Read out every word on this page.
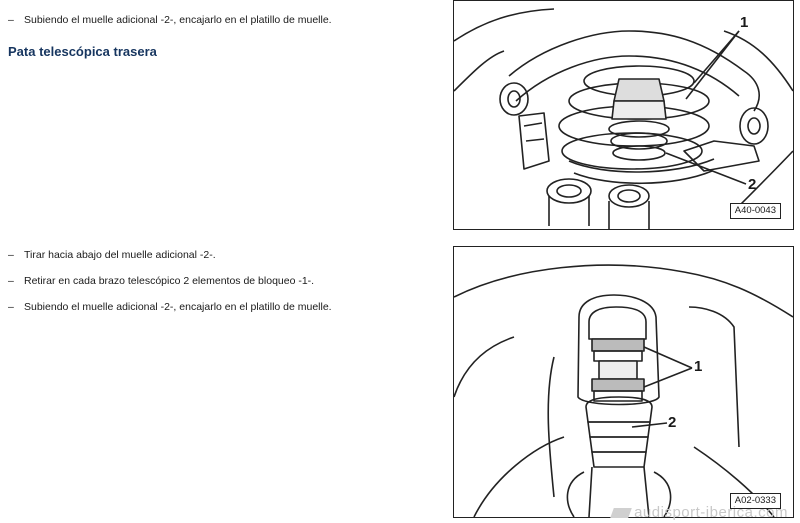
– Subiendo el muelle adicional -2-, encajarlo en el platillo de muelle.
Pata telescópica trasera
– Tirar hacia abajo del muelle adicional -2-.
– Retirar en cada brazo telescópico 2 elementos de bloqueo -1-.
– Subiendo el muelle adicional -2-, encajarlo en el platillo de muelle.
1
2
A40-0043
1
2
A02-0333
audisport-iberica.com
